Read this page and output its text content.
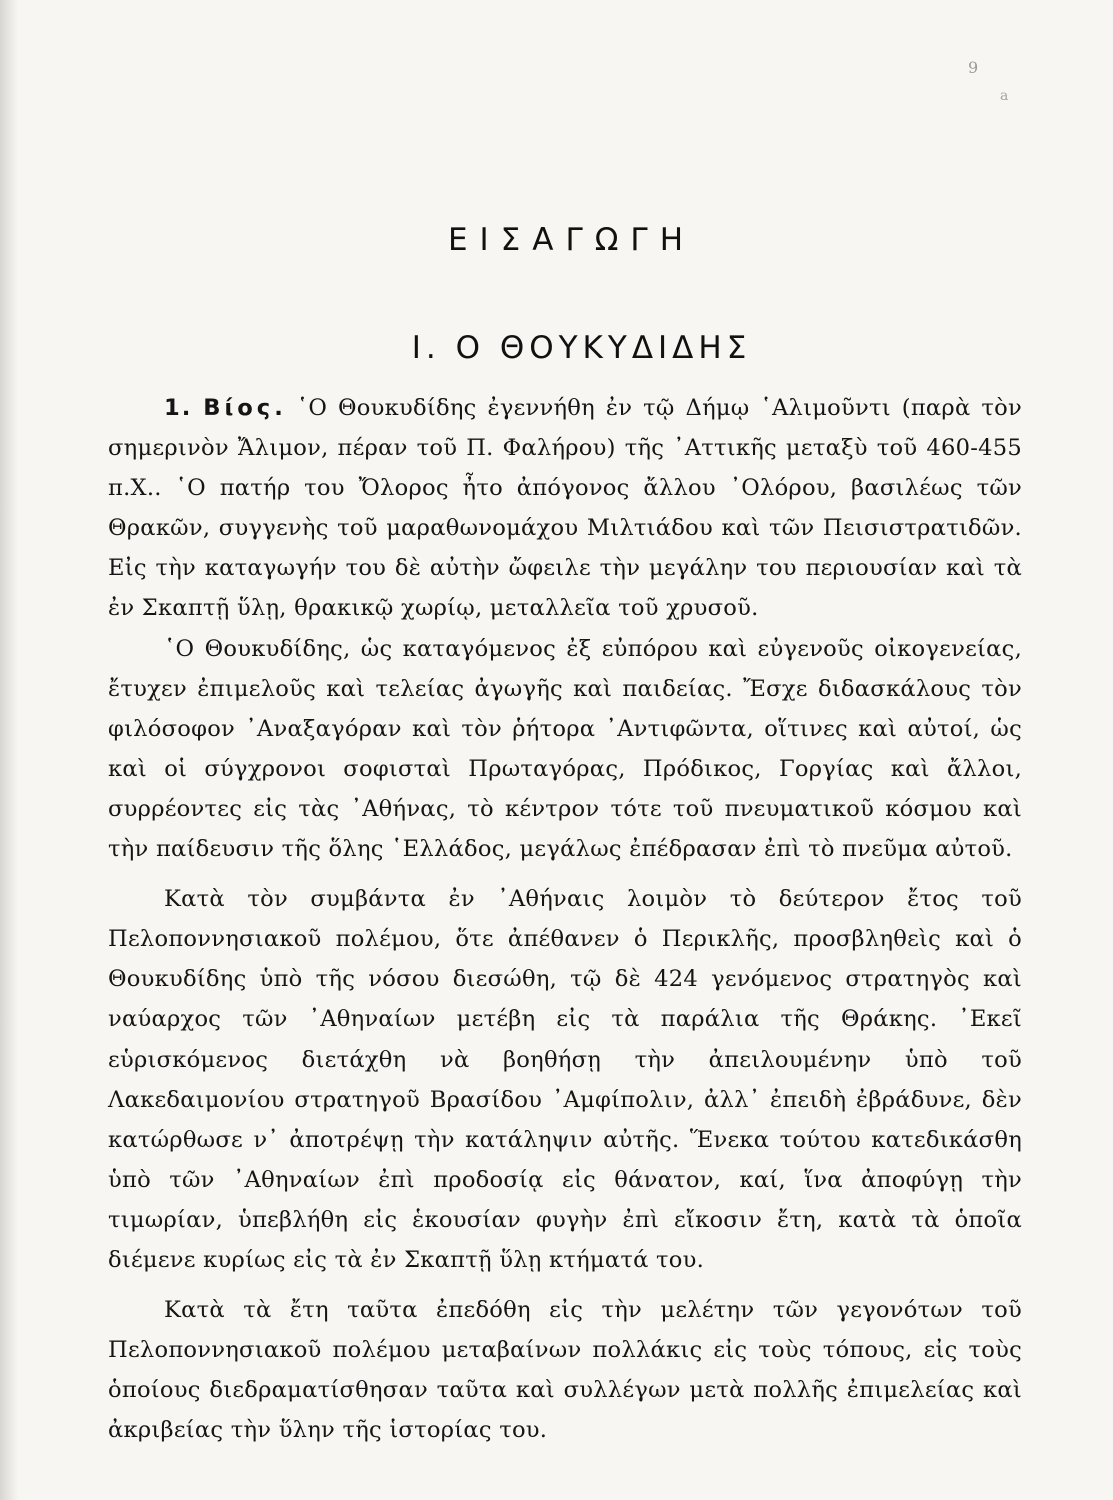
9
a
ΕΙΣΑΓΩΓΗ
Ι. Ο ΘΟΥΚΥΔΙΔΗΣ

1. Βίος. ῾Ο Θουκυδίδης ἐγεννήθη ἐν τῷ Δήμῳ ῾Αλιμοῦντι (παρὰ τὸν σημερινὸν Ἄλιμον, πέραν τοῦ Π. Φαλήρου) τῆς ᾿Αττικῆς μεταξὺ τοῦ 460-455 π.Χ.. ῾Ο πατήρ του Ὄλορος ἦτο ἀπόγονος ἄλλου ᾿Ολόρου, βασιλέως τῶν Θρακῶν, συγγενὴς τοῦ μαραθωνομάχου Μιλτιάδου καὶ τῶν Πεισιστρατιδῶν. Εἰς τὴν καταγωγήν του δὲ αὐτὴν ὤφειλε τὴν μεγάλην του περιουσίαν καὶ τὰ ἐν Σκαπτῇ ὕλῃ, θρακικῷ χωρίῳ, μεταλλεῖα τοῦ χρυσοῦ.

῾Ο Θουκυδίδης, ὡς καταγόμενος ἐξ εὐπόρου καὶ εὐγενοῦς οἰκογενείας, ἔτυχεν ἐπιμελοῦς καὶ τελείας ἀγωγῆς καὶ παιδείας. Ἔσχε διδασκάλους τὸν φιλόσοφον ᾿Αναξαγόραν καὶ τὸν ῥήτορα ᾿Αντιφῶντα, οἵτινες καὶ αὐτοί, ὡς καὶ οἱ σύγχρονοι σοφισταὶ Πρωταγόρας, Πρόδικος, Γοργίας καὶ ἄλλοι, συρρέοντες εἰς τὰς ᾿Αθήνας, τὸ κέντρον τότε τοῦ πνευματικοῦ κόσμου καὶ τὴν παίδευσιν τῆς ὅλης ῾Ελλάδος, μεγάλως ἐπέδρασαν ἐπὶ τὸ πνεῦμα αὐτοῦ.

Κατὰ τὸν συμβάντα ἐν ᾿Αθήναις λοιμὸν τὸ δεύτερον ἔτος τοῦ Πελοποννησιακοῦ πολέμου, ὅτε ἀπέθανεν ὁ Περικλῆς, προσβληθεὶς καὶ ὁ Θουκυδίδης ὑπὸ τῆς νόσου διεσώθη, τῷ δὲ 424 γενόμενος στρατηγὸς καὶ ναύαρχος τῶν ᾿Αθηναίων μετέβη εἰς τὰ παράλια τῆς Θράκης. ᾿Εκεῖ εὑρισκόμενος διετάχθη νὰ βοηθήσῃ τὴν ἀπειλουμένην ὑπὸ τοῦ Λακεδαιμονίου στρατηγοῦ Βρασίδου ᾿Αμφίπολιν, ἀλλ᾿ ἐπειδὴ ἐβράδυνε, δὲν κατώρθωσε ν᾿ ἀποτρέψῃ τὴν κατάληψιν αὐτῆς. Ἕνεκα τούτου κατεδικάσθη ὑπὸ τῶν ᾿Αθηναίων ἐπὶ προδοσίᾳ εἰς θάνατον, καί, ἵνα ἀποφύγῃ τὴν τιμωρίαν, ὑπεβλήθη εἰς ἑκουσίαν φυγὴν ἐπὶ εἴκοσιν ἔτη, κατὰ τὰ ὁποῖα διέμενε κυρίως εἰς τὰ ἐν Σκαπτῇ ὕλῃ κτήματά του.

Κατὰ τὰ ἔτη ταῦτα ἐπεδόθη εἰς τὴν μελέτην τῶν γεγονότων τοῦ Πελοποννησιακοῦ πολέμου μεταβαίνων πολλάκις εἰς τοὺς τόπους, εἰς τοὺς ὁποίους διεδραματίσθησαν ταῦτα καὶ συλλέγων μετὰ πολλῆς ἐπιμελείας καὶ ἀκριβείας τὴν ὕλην τῆς ἱστορίας του.
